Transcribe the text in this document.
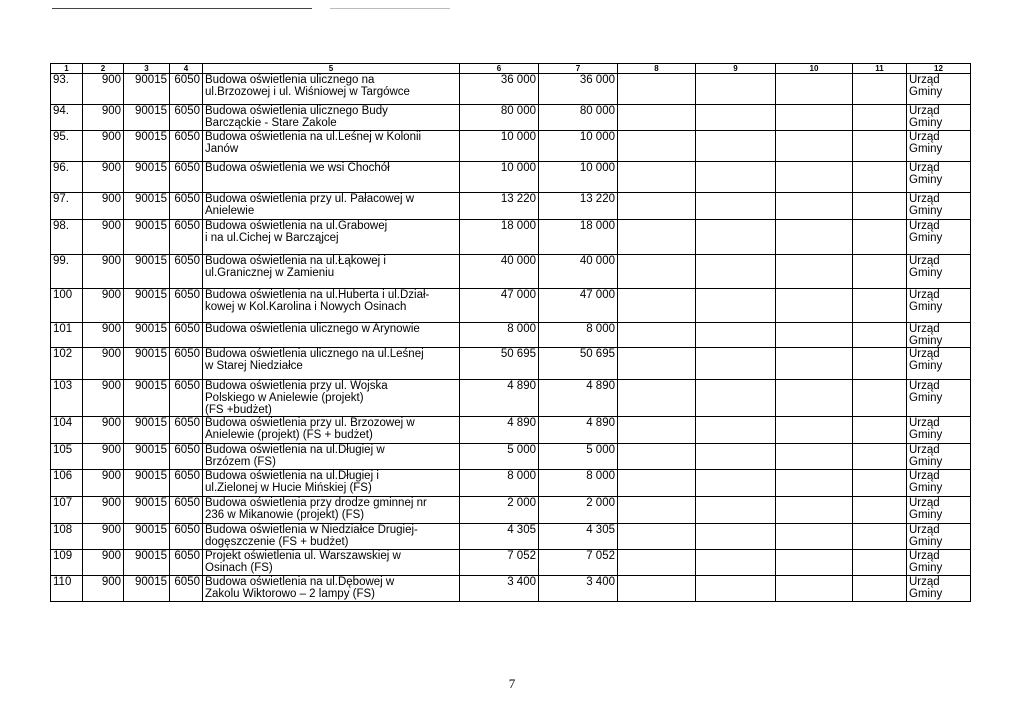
1	2	3	4	5	6	7	8	9	10	11	12
93.	900	90015	6050	Budowa oświetlenia ulicznego na
ul.Brzozowej i ul. Wiśniowej w Targówce	36 000	36 000					Urząd Gminy
94.	900	90015	6050	Budowa oświetlenia ulicznego Budy
Barcząckie - Stare Zakole	80 000	80 000					Urząd Gminy
95.	900	90015	6050	Budowa oświetlenia na ul.Leśnej w Kolonii
Janów	10 000	10 000					Urząd Gminy
96.	900	90015	6050	Budowa oświetlenia we wsi Chochół	10 000	10 000					Urząd Gminy
97.	900	90015	6050	Budowa oświetlenia przy ul. Pałacowej w
Anielewie	13 220	13 220					Urząd Gminy
98.	900	90015	6050	Budowa oświetlenia na ul.Grabowej
i na ul.Cichej w Barcząjcej	18 000	18 000					Urząd Gminy
99.	900	90015	6050	Budowa oświetlenia na ul.Łąkowej i
ul.Granicznej w Zamieniu	40 000	40 000					Urząd Gminy
100	900	90015	6050	Budowa oświetlenia na ul.Huberta i ul.Dział-
kowej w Kol.Karolina i Nowych Osinach	47 000	47 000					Urząd Gminy
101	900	90015	6050	Budowa oświetlenia ulicznego w Arynowie	8 000	8 000					Urząd Gminy
102	900	90015	6050	Budowa oświetlenia ulicznego na ul.Leśnej
w Starej Niedziałce	50 695	50 695					Urząd Gminy
103	900	90015	6050	Budowa oświetlenia przy ul. Wojska
Polskiego w Anielewie (projekt)
(FS +budżet)	4 890	4 890					Urząd Gminy
104	900	90015	6050	Budowa oświetlenia przy ul. Brzozowej w
Anielewie (projekt) (FS + budżet)	4 890	4 890					Urząd Gminy
105	900	90015	6050	Budowa oświetlenia na ul.Długiej w
Brzózem (FS)	5 000	5 000					Urząd Gminy
106	900	90015	6050	Budowa oświetlenia na ul.Długiej i
ul.Zielonej w Hucie Mińskiej (FS)	8 000	8 000					Urząd Gminy
107	900	90015	6050	Budowa oświetlenia przy drodze gminnej nr
236 w Mikanowie (projekt) (FS)	2 000	2 000					Urząd Gminy
108	900	90015	6050	Budowa oświetlenia w Niedziałce Drugiej-
dogęszczenie (FS + budżet)	4 305	4 305					Urząd Gminy
109	900	90015	6050	Projekt oświetlenia ul. Warszawskiej w
Osinach (FS)	7 052	7 052					Urząd Gminy
110	900	90015	6050	Budowa oświetlenia na ul.Dębowej w
Zakolu Wiktorowo – 2 lampy (FS)	3 400	3 400					Urząd Gminy
7
